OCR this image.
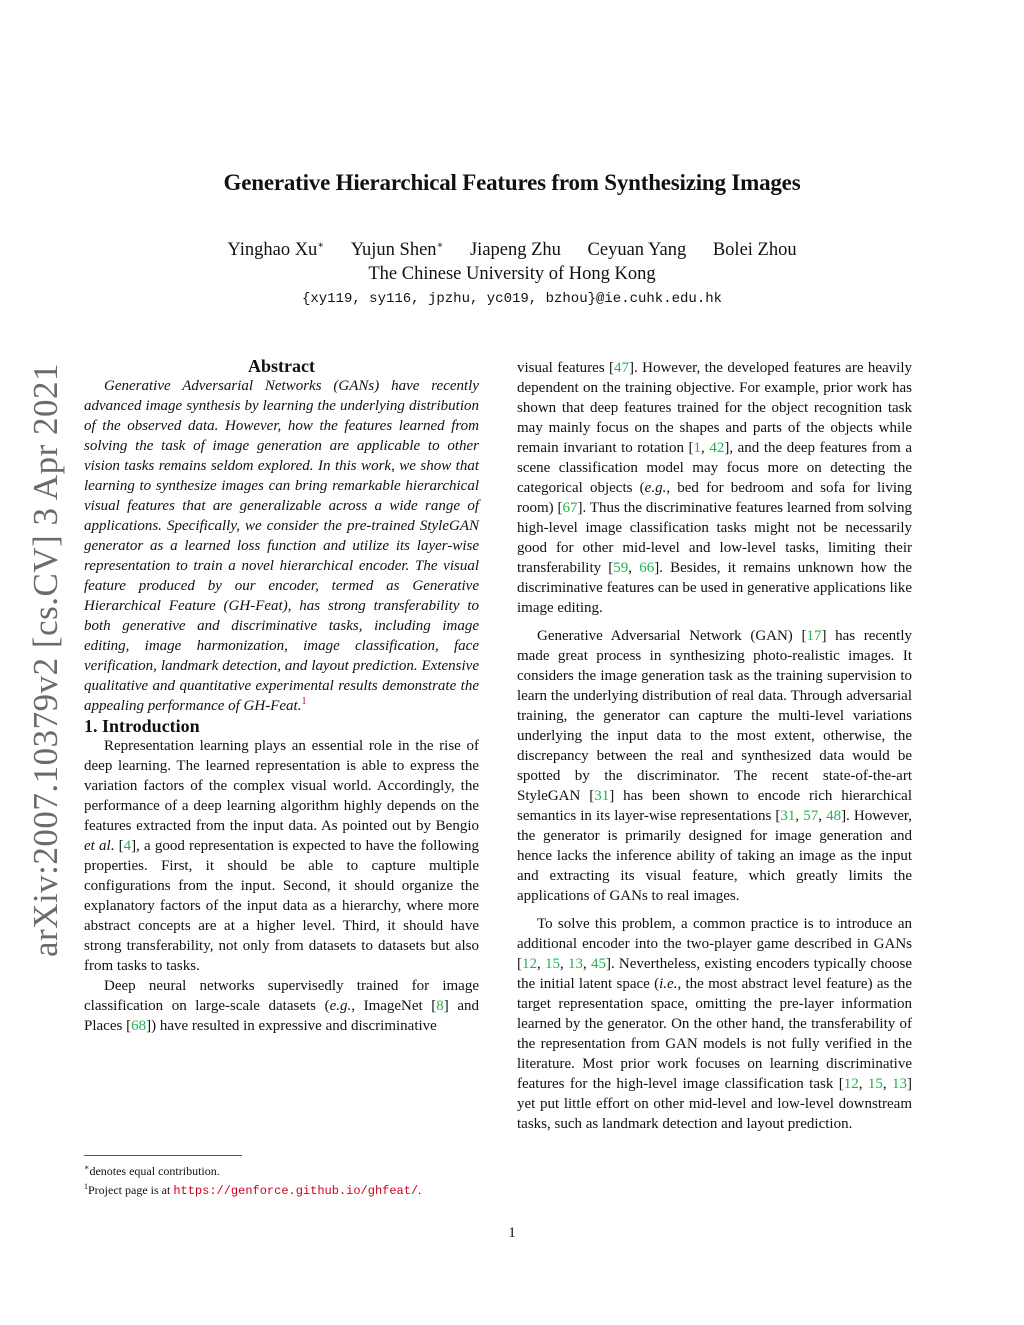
arXiv:2007.10379v2 [cs.CV] 3 Apr 2021
Generative Hierarchical Features from Synthesizing Images
Yinghao Xu∗ Yujun Shen∗ Jiapeng Zhu Ceyuan Yang Bolei Zhou
The Chinese University of Hong Kong
{xy119, sy116, jpzhu, yc019, bzhou}@ie.cuhk.edu.hk

Abstract

Generative Adversarial Networks (GANs) have recently advanced image synthesis by learning the underlying distribution of the observed data. However, how the features learned from solving the task of image generation are applicable to other vision tasks remains seldom explored. In this work, we show that learning to synthesize images can bring remarkable hierarchical visual features that are generalizable across a wide range of applications. Specifically, we consider the pre-trained StyleGAN generator as a learned loss function and utilize its layer-wise representation to train a novel hierarchical encoder. The visual feature produced by our encoder, termed as Generative Hierarchical Feature (GH-Feat), has strong transferability to both generative and discriminative tasks, including image editing, image harmonization, image classification, face verification, landmark detection, and layout prediction. Extensive qualitative and quantitative experimental results demonstrate the appealing performance of GH-Feat.$^1$

1. Introduction

Representation learning plays an essential role in the rise of deep learning. The learned representation is able to express the variation factors of the complex visual world. Accordingly, the performance of a deep learning algorithm highly depends on the features extracted from the input data. As pointed out by Bengio et al. [4], a good representation is expected to have the following properties. First, it should be able to capture multiple configurations from the input. Second, it should organize the explanatory factors of the input data as a hierarchy, where more abstract concepts are at a higher level. Third, it should have strong transferability, not only from datasets to datasets but also from tasks to tasks.

Deep neural networks supervisedly trained for image classification on large-scale datasets (e.g., ImageNet [8] and Places [68]) have resulted in expressive and discriminative

visual features [47]. However, the developed features are heavily dependent on the training objective. For example, prior work has shown that deep features trained for the object recognition task may mainly focus on the shapes and parts of the objects while remain invariant to rotation [1, 42], and the deep features from a scene classification model may focus more on detecting the categorical objects (e.g., bed for bedroom and sofa for living room) [67]. Thus the discriminative features learned from solving high-level image classification tasks might not be necessarily good for other mid-level and low-level tasks, limiting their transferability [59, 66]. Besides, it remains unknown how the discriminative features can be used in generative applications like image editing.

Generative Adversarial Network (GAN) [17] has recently made great process in synthesizing photo-realistic images. It considers the image generation task as the training supervision to learn the underlying distribution of real data. Through adversarial training, the generator can capture the multi-level variations underlying the input data to the most extent, otherwise, the discrepancy between the real and synthesized data would be spotted by the discriminator. The recent state-of-the-art StyleGAN [31] has been shown to encode rich hierarchical semantics in its layer-wise representations [31, 57, 48]. However, the generator is primarily designed for image generation and hence lacks the inference ability of taking an image as the input and extracting its visual feature, which greatly limits the applications of GANs to real images.

To solve this problem, a common practice is to introduce an additional encoder into the two-player game described in GANs [12, 15, 13, 45]. Nevertheless, existing encoders typically choose the initial latent space (i.e., the most abstract level feature) as the target representation space, omitting the pre-layer information learned by the generator. On the other hand, the transferability of the representation from GAN models is not fully verified in the literature. Most prior work focuses on learning discriminative features for the high-level image classification task [12, 15, 13] yet put little effort on other mid-level and low-level downstream tasks, such as landmark detection and layout prediction.

∗denotes equal contribution.
$^1$Project page is at https://genforce.github.io/ghfeat/.
1
